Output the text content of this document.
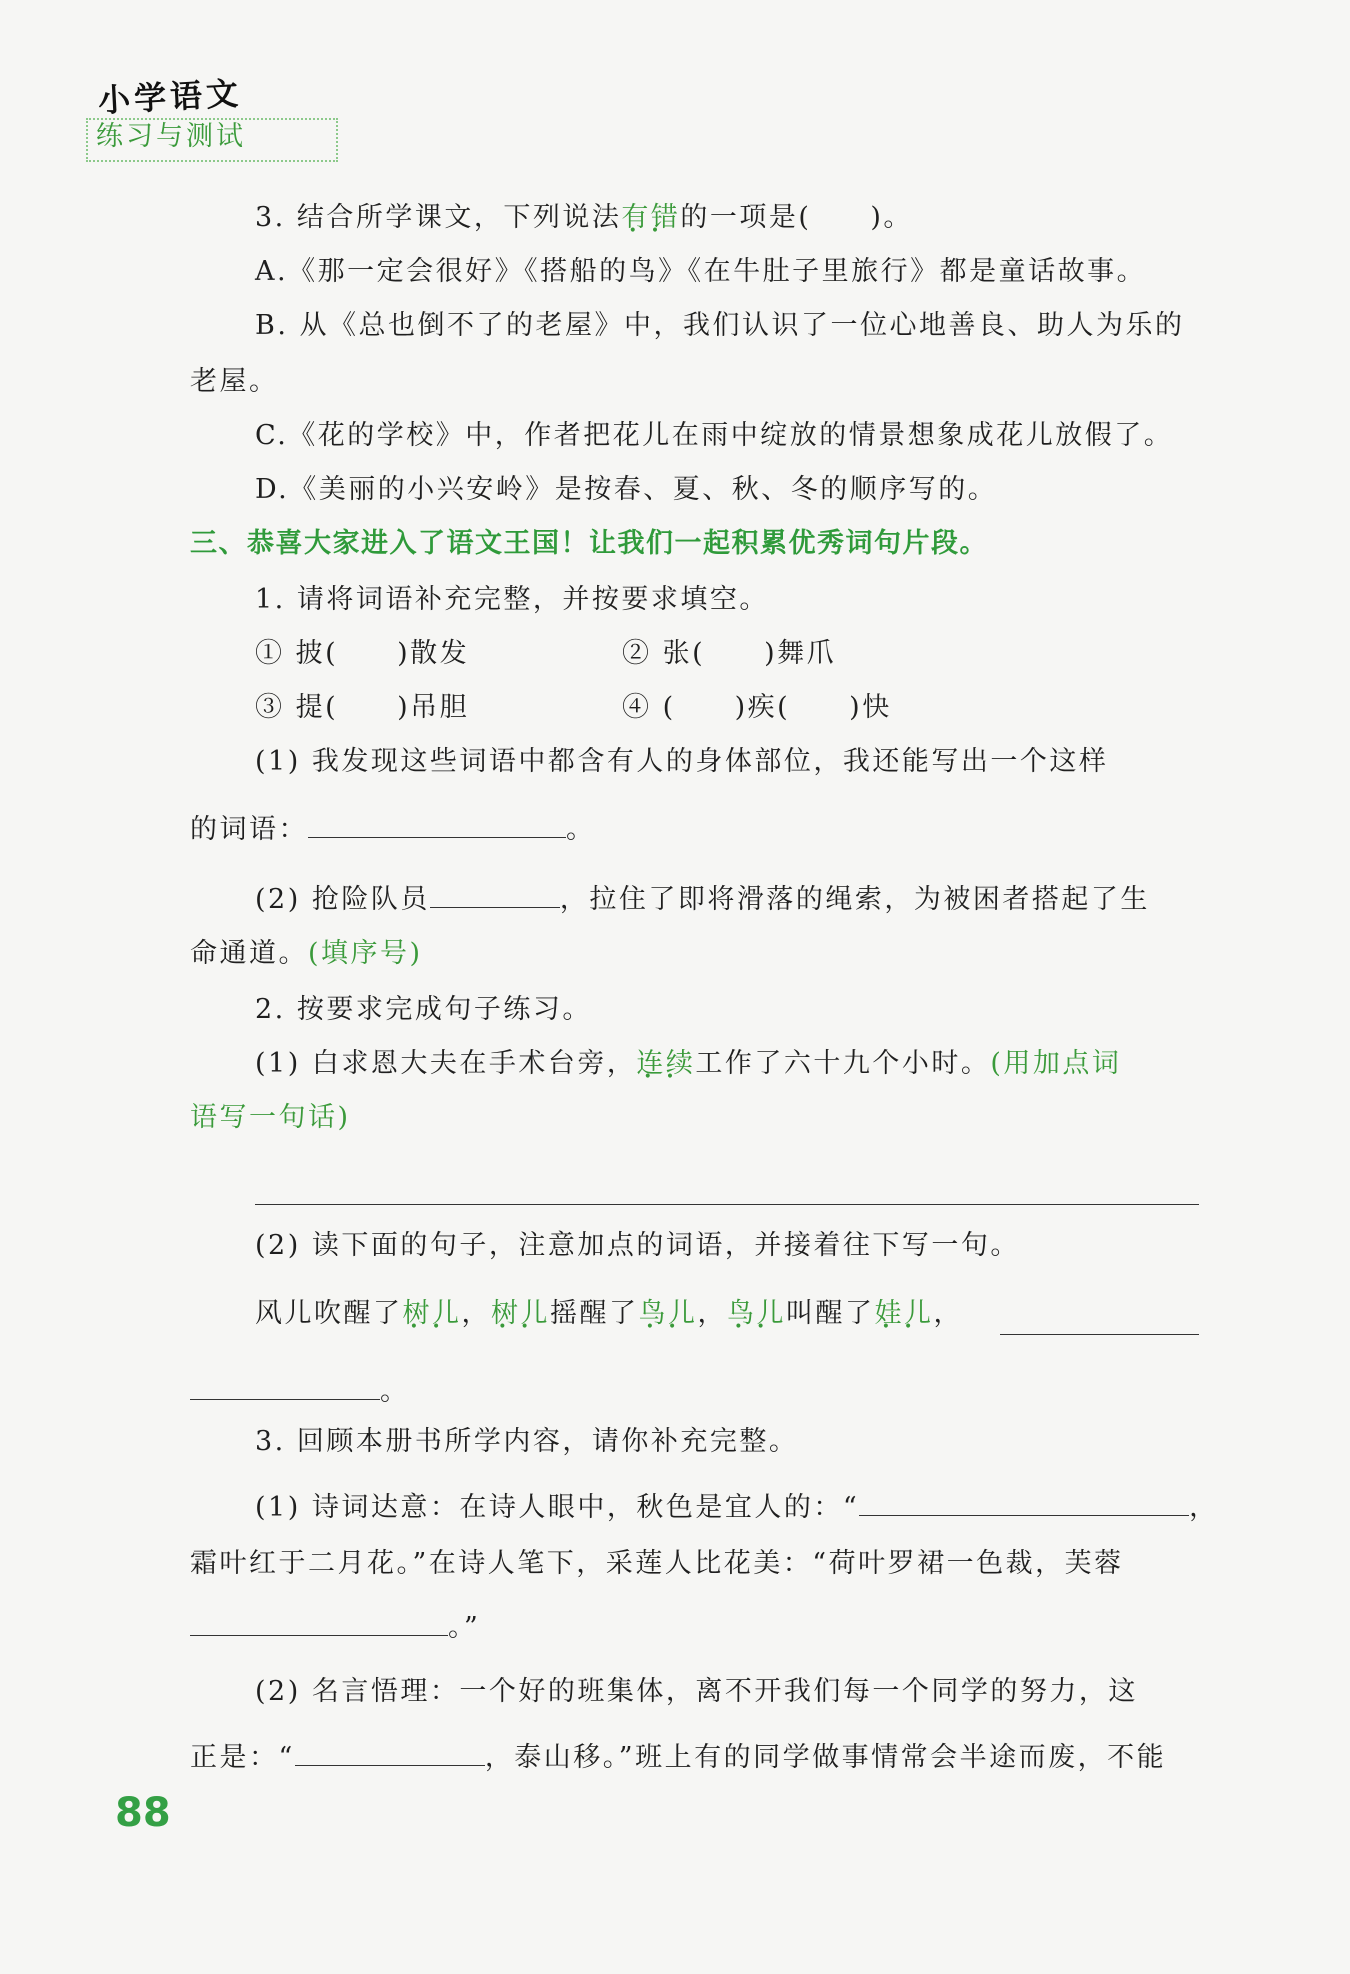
小学语文
练习与测试
3. 结合所学课文，下列说法有错 ••的一项是(　　)。
A.《那一定会很好》《搭船的鸟》《在牛肚子里旅行》都是童话故事。
B. 从《总也倒不了的老屋》中，我们认识了一位心地善良、助人为乐的
老屋。
C.《花的学校》中，作者把花儿在雨中绽放的情景想象成花儿放假了。
D.《美丽的小兴安岭》是按春、夏、秋、冬的顺序写的。
三、恭喜大家进入了语文王国！让我们一起积累优秀词句片段。
1. 请将词语补充完整，并按要求填空。
① 披(　　)散发	② 张(　　)舞爪
③ 提(　　)吊胆	④ (　　)疾(　　)快
(1) 我发现这些词语中都含有人的身体部位，我还能写出一个这样
的词语：	。
(2) 抢险队员	，拉住了即将滑落的绳索，为被困者搭起了生
命通道。(填序号)
2. 按要求完成句子练习。
(1) 白求恩大夫在手术台旁，连续 ••工作了六十九个小时。(用加点词
语写一句话)
(2) 读下面的句子，注意加点的词语，并接着往下写一句。
风儿吹醒了树儿 ••，树儿 ••摇醒了鸟儿 ••，鸟儿 ••叫醒了娃儿 ••，
。
3. 回顾本册书所学内容，请你补充完整。
(1) 诗词达意：在诗人眼中，秋色是宜人的：“	，
霜叶红于二月花。”在诗人笔下，采莲人比花美：“荷叶罗裙一色裁，芙蓉
。”
(2) 名言悟理：一个好的班集体，离不开我们每一个同学的努力，这
正是：“	，泰山移。”班上有的同学做事情常会半途而废，不能
88
